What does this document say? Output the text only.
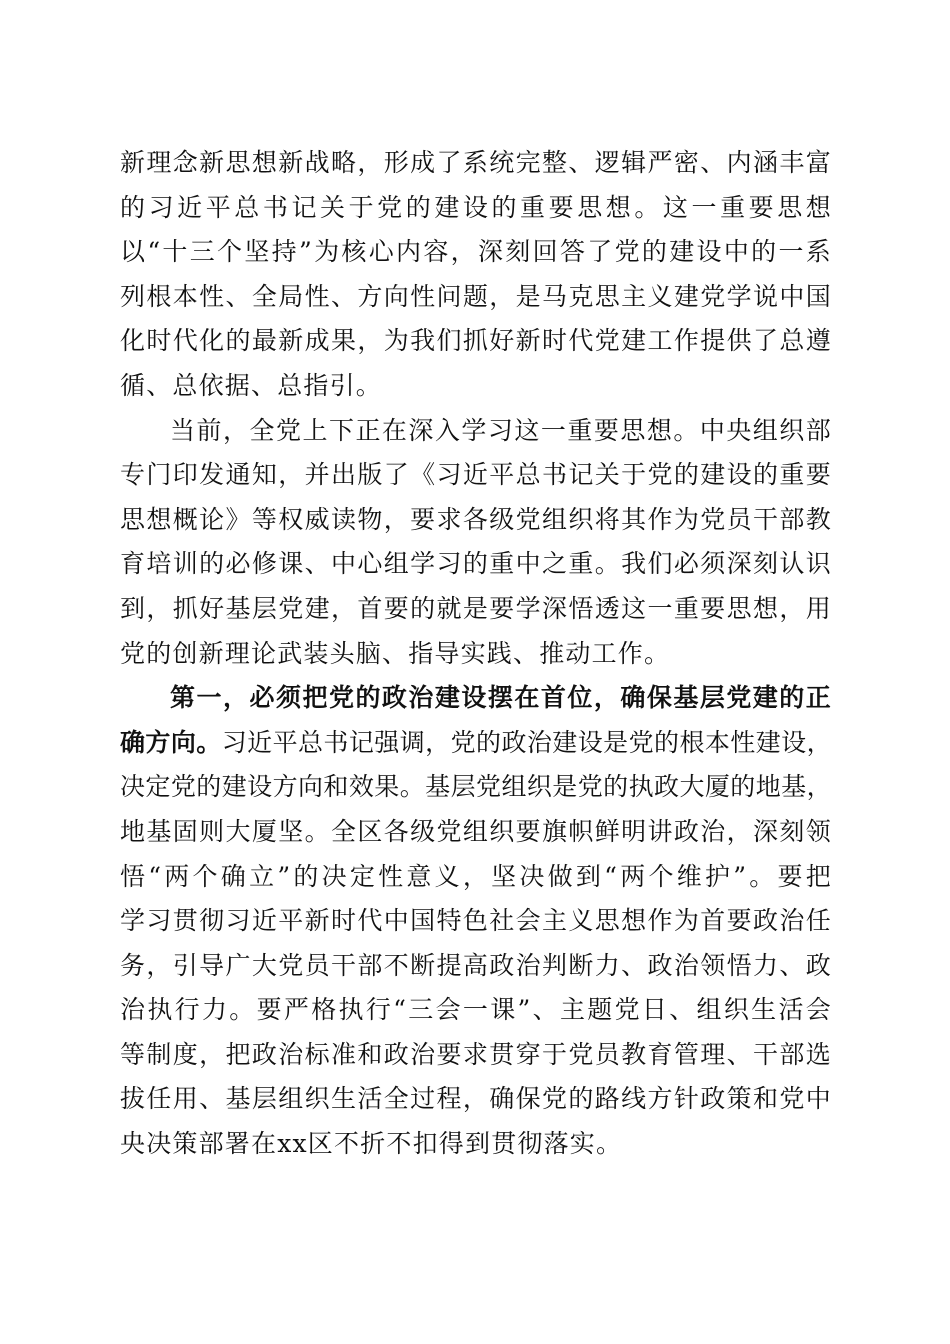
新理念新思想新战略，形成了系统完整、逻辑严密、内涵丰富
的习近平总书记关于党的建设的重要思想。这一重要思想
以“十三个坚持”为核心内容，深刻回答了党的建设中的一系
列根本性、全局性、方向性问题，是马克思主义建党学说中国
化时代化的最新成果，为我们抓好新时代党建工作提供了总遵
循、总依据、总指引。
当前，全党上下正在深入学习这一重要思想。中央组织部
专门印发通知，并出版了《习近平总书记关于党的建设的重要
思想概论》等权威读物，要求各级党组织将其作为党员干部教
育培训的必修课、中心组学习的重中之重。我们必须深刻认识
到，抓好基层党建，首要的就是要学深悟透这一重要思想，用
党的创新理论武装头脑、指导实践、推动工作。
第一，必须把党的政治建设摆在首位，确保基层党建的正
确方向。习近平总书记强调，党的政治建设是党的根本性建设，
决定党的建设方向和效果。基层党组织是党的执政大厦的地基，
地基固则大厦坚。全区各级党组织要旗帜鲜明讲政治，深刻领
悟“两个确立”的决定性意义，坚决做到“两个维护”。要把
学习贯彻习近平新时代中国特色社会主义思想作为首要政治任
务，引导广大党员干部不断提高政治判断力、政治领悟力、政
治执行力。要严格执行“三会一课”、主题党日、组织生活会
等制度，把政治标准和政治要求贯穿于党员教育管理、干部选
拔任用、基层组织生活全过程，确保党的路线方针政策和党中
央决策部署在xx区不折不扣得到贯彻落实。
